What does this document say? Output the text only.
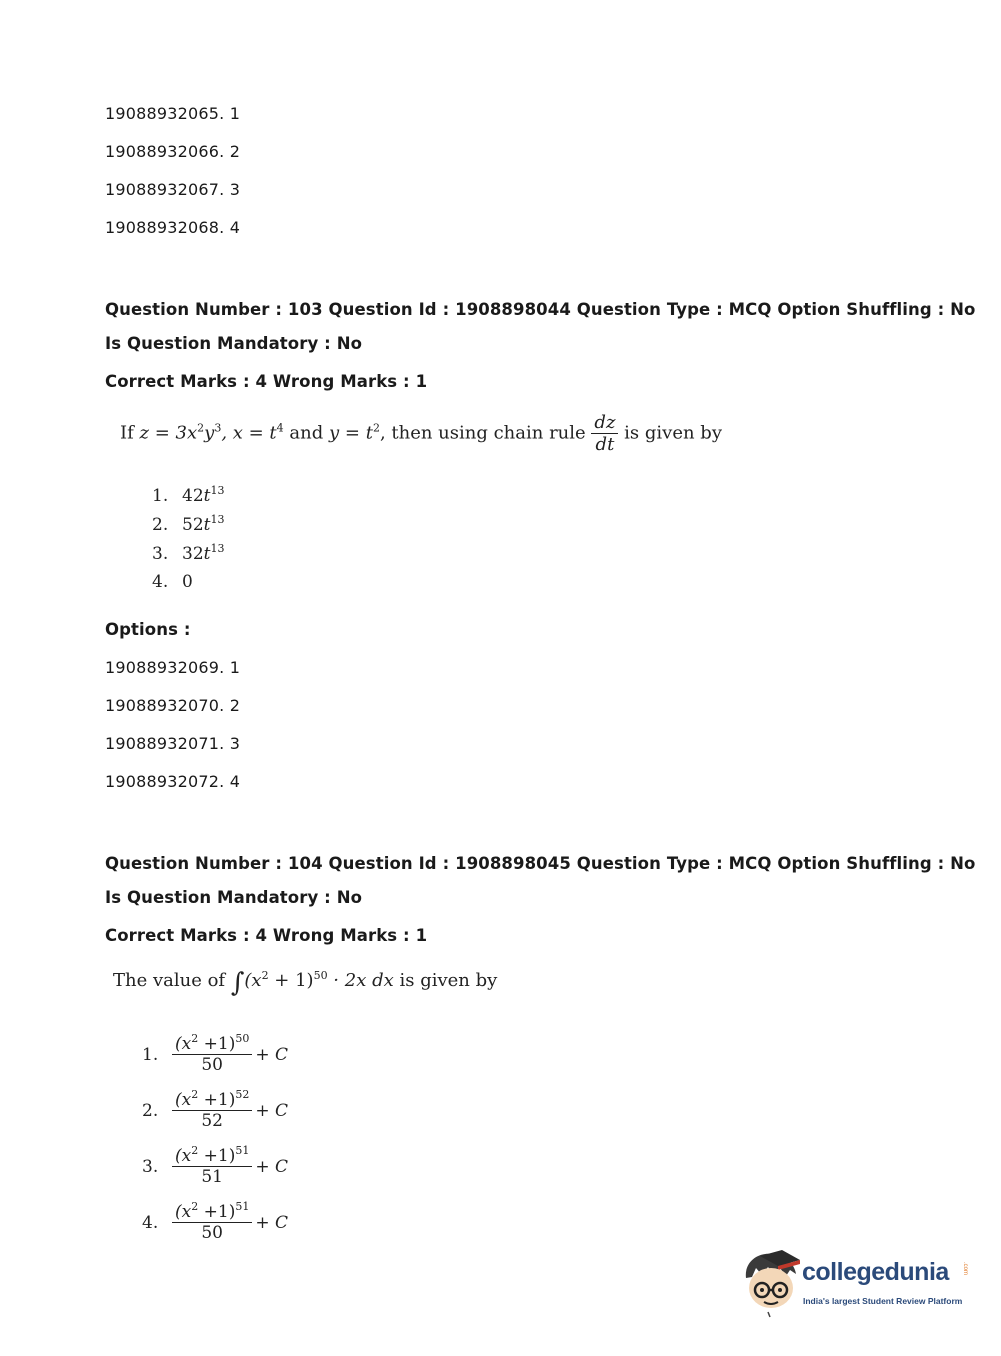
19088932065. 1
19088932066. 2
19088932067. 3
19088932068. 4
Question Number : 103 Question Id : 1908898044 Question Type : MCQ Option Shuffling : No
Is Question Mandatory : No
Correct Marks : 4 Wrong Marks : 1
If $z = 3x^2y^3$, $x = t^4$ and $y = t^2$, then using chain rule $\frac{dz}{dt}$ is given by
1. $42t^{13}$
2. $52t^{13}$
3. $32t^{13}$
4. 0
Options :
19088932069. 1
19088932070. 2
19088932071. 3
19088932072. 4
Question Number : 104 Question Id : 1908898045 Question Type : MCQ Option Shuffling : No
Is Question Mandatory : No
Correct Marks : 4 Wrong Marks : 1
The value of $\int(x^2 + 1)^{50} \cdot 2x$ dx is given by
1. $\frac{(x^2 +1)^{50}}{50} + C$
2. $\frac{(x^2 +1)^{52}}{52} + C$
3. $\frac{(x^2 +1)^{51}}{51} + C$
4. $\frac{(x^2 +1)^{51}}{50} + C$
collegedunia .com
India's largest Student Review Platform
